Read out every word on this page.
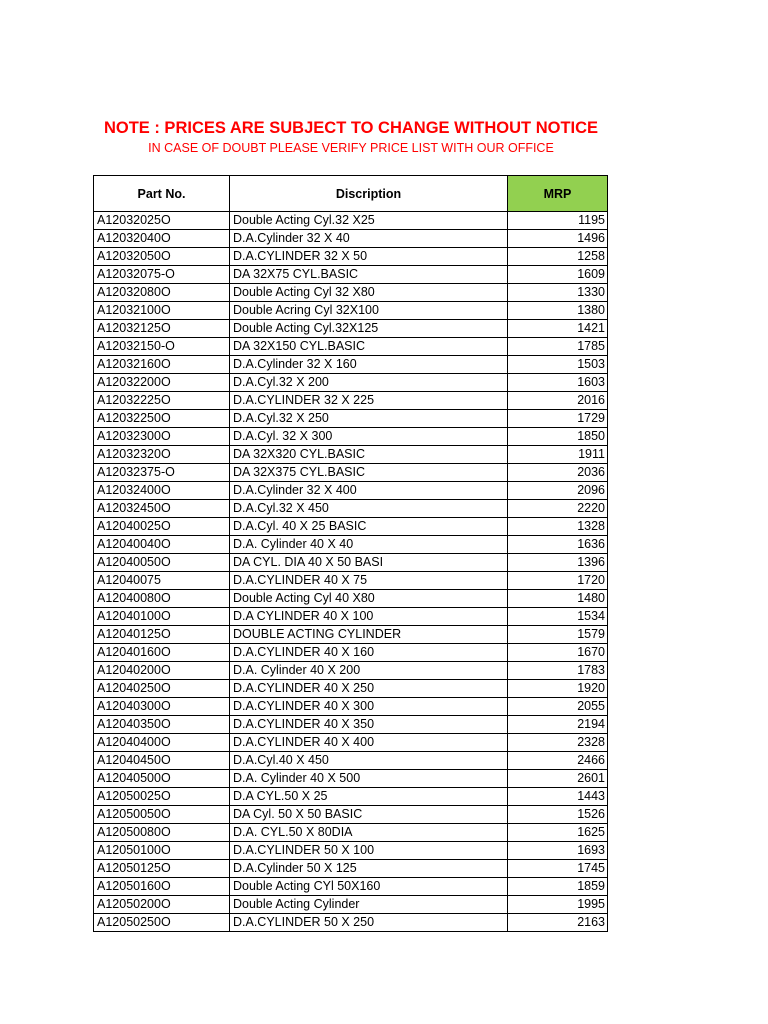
NOTE : PRICES ARE SUBJECT TO CHANGE WITHOUT NOTICE
IN CASE OF DOUBT PLEASE VERIFY PRICE LIST WITH OUR OFFICE
Part No.	Discription	MRP
A12032025O	Double Acting Cyl.32 X25	1195
A12032040O	D.A.Cylinder 32 X 40	1496
A12032050O	D.A.CYLINDER 32 X 50	1258
A12032075-O	DA 32X75 CYL.BASIC	1609
A12032080O	Double Acting Cyl 32 X80	1330
A12032100O	Double Acring Cyl 32X100	1380
A12032125O	Double Acting Cyl.32X125	1421
A12032150-O	DA 32X150 CYL.BASIC	1785
A12032160O	D.A.Cylinder 32 X 160	1503
A12032200O	D.A.Cyl.32 X 200	1603
A12032225O	D.A.CYLINDER 32 X 225	2016
A12032250O	D.A.Cyl.32 X 250	1729
A12032300O	D.A.Cyl. 32 X 300	1850
A12032320O	DA 32X320 CYL.BASIC	1911
A12032375-O	DA 32X375 CYL.BASIC	2036
A12032400O	D.A.Cylinder 32 X 400	2096
A12032450O	D.A.Cyl.32 X 450	2220
A12040025O	D.A.Cyl. 40 X 25 BASIC	1328
A12040040O	D.A. Cylinder 40 X 40	1636
A12040050O	DA CYL. DIA 40 X 50 BASI	1396
A12040075	D.A.CYLINDER 40 X 75	1720
A12040080O	Double Acting Cyl 40 X80	1480
A12040100O	D.A CYLINDER 40 X 100	1534
A12040125O	DOUBLE ACTING CYLINDER	1579
A12040160O	D.A.CYLINDER 40 X 160	1670
A12040200O	D.A. Cylinder 40 X 200	1783
A12040250O	D.A.CYLINDER 40 X 250	1920
A12040300O	D.A.CYLINDER 40 X 300	2055
A12040350O	D.A.CYLINDER 40 X 350	2194
A12040400O	D.A.CYLINDER 40 X 400	2328
A12040450O	D.A.Cyl.40 X 450	2466
A12040500O	D.A. Cylinder 40 X 500	2601
A12050025O	D.A CYL.50 X 25	1443
A12050050O	DA Cyl. 50 X 50 BASIC	1526
A12050080O	D.A. CYL.50 X 80DIA	1625
A12050100O	D.A.CYLINDER 50 X 100	1693
A12050125O	D.A.Cylinder 50 X 125	1745
A12050160O	Double Acting CYl 50X160	1859
A12050200O	Double Acting Cylinder	1995
A12050250O	D.A.CYLINDER 50 X 250	2163
